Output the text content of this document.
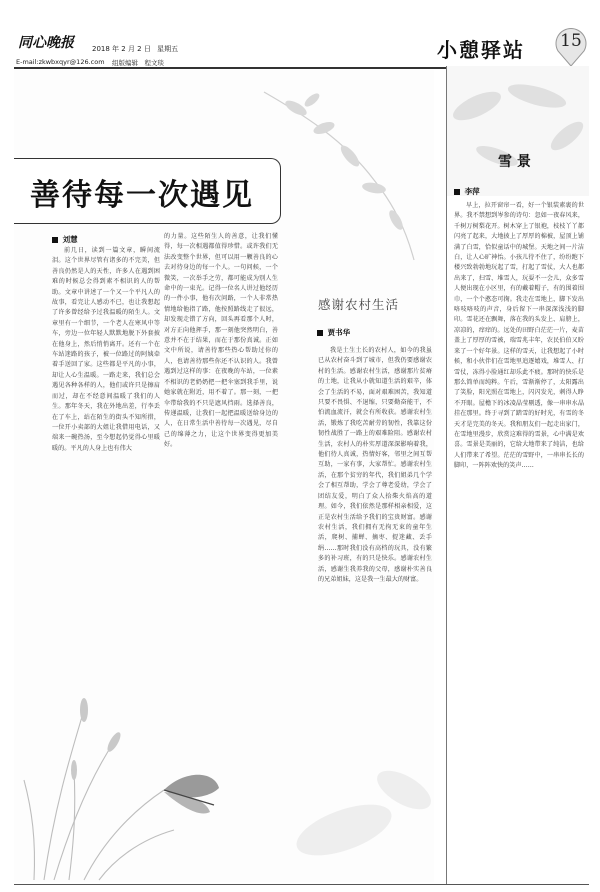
同心晚报	2018 年 2 月 2 日 星期五
E-mail:zkwbxqyr@126.com 组版编辑　程文琰
小憩驿站	15
善待每一次遇见
刘慧
前几日，读到一篇文章，瞬间流泪。这个世界尽管有诸多的不完美，但善良仍然是人的天性，许多人在遇到困难的时候总会得到素不相识的人的帮助。文章中讲述了一个又一个平凡人的故事，看完让人感动不已，也让我想起了许多曾经给予过我温暖的陌生人。文章里有一个细节，一个老人在寒风中等车，旁边一位年轻人默默地脱下外套披在他身上，然后悄悄离开。还有一个在车站迷路的孩子，被一位路过的阿姨牵着手送回了家。这些都是平凡的小事，却让人心生温暖。一路走来，我们总会遇见各种各样的人，他们或许只是擦肩而过，却在不经意间温暖了我们的人生。那年冬天，我在外地出差，行李丢在了车上，站在陌生的街头不知所措，一位开小卖部的大姐让我借用电话，又端来一碗热汤，至今想起仍觉得心里暖暖的。平凡的人身上也有伟大
的力量。这些陌生人的善意，让我们懂得，每一次相遇都值得珍惜。或许我们无法改变整个世界，但可以用一颗善良的心去对待身边的每一个人。一句问候，一个微笑，一次举手之劳，都可能成为别人生命中的一束光。记得一位名人讲过他经历的一件小事，他有次问路，一个人非常热情地给他指了路，他按照路线走了很远，却发现走错了方向，回头再看那个人时，对方正向他挥手，那一刻他突然明白，善意并不在于结果，而在于那份真诚。正如文中所说，请善待那些热心帮助过你的人，也请善待那些你还不认识的人。我曾遇到过这样的事：在夜晚的车站，一位素不相识的老奶奶把一把伞塞到我手里，说她家就在附近，用不着了。那一刻，一把伞带给我的不只是遮风挡雨。选择善良，传递温暖，让我们一起把温暖送给身边的人，在日常生活中善待每一次遇见，尽自己的绵薄之力，让这个世界变得更加美好。
感谢农村生活
贾书华
我是土生土长的农村人，如今的我虽已从农村奋斗到了城市，但我仍要感谢农村的生活。感谢农村生活，感谢那片贫瘠的土地，让我从小就知道生活的艰辛，体会了生活的不易，面对艰难困苦，我知道只要不畏惧、不退缩，只要勤奋能干，不怕流血流汗，就会有所收获。感谢农村生活，锻炼了我吃苦耐劳的韧性，我靠这份韧性战胜了一路上的艰难险阻。感谢农村生活，农村人的朴实厚道深深影响着我，他们待人真诚，热情好客，邻里之间互帮互助，一家有事，大家帮忙。感谢农村生活，在那个贫穷的年代，我们姐弟几个学会了相互帮助，学会了尊老爱幼，学会了团结友爱，明白了众人拾柴火焰高的道理。如今，我们依然是那样相亲相爱，这正是农村生活给予我们的宝贵财富。感谢农村生活，我们拥有无拘无束的童年生活，爬树、捕蝉、摘枣、捉迷藏、丢手绢……那时我们没有高档的玩具，没有繁多的补习班，有的只是快乐。感谢农村生活，感谢生我养我的父母，感谢朴实善良的兄弟姐妹，这是我一生最大的财富。
雪 景
李萍
早上，拉开窗帘一看，好一个银装素裹的世界。我不禁想到岑参的诗句：忽如一夜春风来，千树万树梨花开。树木穿上了银袍，枝枝丫丫都闪亮了起来，大地披上了厚厚的棉被，屋顶上铺满了白雪，恰似童话中的城堡。天地之间一片洁白，让人心旷神怡。小孩儿待不住了，纷纷跑下楼兴致勃勃地玩起了雪，打起了雪仗，大人也都出来了，扫雪、堆雪人，玩耍不一会儿，众多雪人便出现在小区里，有的戴着帽子，有的围着围巾，一个个憨态可掬。我走在雪地上，脚下发出咯吱咯吱的声音，身后留下一串深深浅浅的脚印。雪花还在飘舞，落在我的头发上、肩膀上，凉凉的，痒痒的。远处的田野白茫茫一片，麦苗盖上了厚厚的雪被，瑞雪兆丰年，农民伯伯又盼来了一个好年景。这样的雪天，让我想起了小时候，和小伙伴们在雪地里追逐嬉戏，堆雪人、打雪仗，冻得小脸通红却乐此不疲。那时的快乐是那么简单而纯粹。午后，雪渐渐停了，太阳露出了笑脸，阳光照在雪地上，闪闪发光，刺得人睁不开眼。屋檐下的冰凌晶莹剔透，像一串串水晶挂在那里。终于寻到了踏雪的好时光，有雪的冬天才是完美的冬天。我和朋友们一起走出家门，在雪地里漫步，欣赏这难得的雪景，心中满是欢喜。雪景是美丽的，它给大地带来了纯洁，也给人们带来了希望。茫茫的雪野中，一串串长长的脚印，一阵阵欢快的笑声……
